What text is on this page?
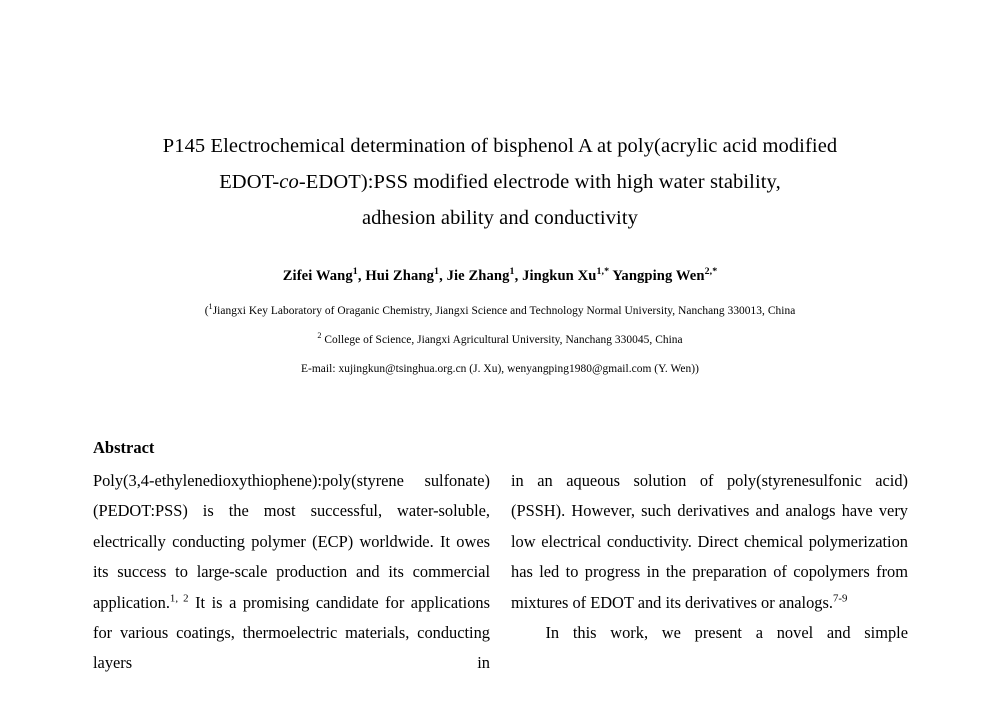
P145 Electrochemical determination of bisphenol A at poly(acrylic acid modified
EDOT-co-EDOT):PSS modified electrode with high water stability,
adhesion ability and conductivity
Zifei Wang$^1$, Hui Zhang$^1$, Jie Zhang$^1$, Jingkun $Xu^{1,*}$ Yangping Wen$^{2,*}$
($^1$Jiangxi Key Laboratory of Oraganic Chemistry, Jiangxi Science and Technology Normal University, Nanchang 330013, China
$^2$ College of Science, Jiangxi Agricultural University, Nanchang 330045, China
E-mail: xujingkun@tsinghua.org.cn (J. Xu), wenyangping1980@gmail.com (Y. Wen))
Abstract

Poly(3,4-ethylenedioxythiophene):poly(styrene sulfonate) (PEDOT:PSS) is the most successful, water-soluble, electrically conducting polymer (ECP) worldwide. It owes its success to large-scale production and its commercial application.$^{1, 2}$ It is a promising candidate for applications for various coatings, thermoelectric materials, conducting layers in

in an aqueous solution of poly(styrenesulfonic acid) (PSSH). However, such derivatives and analogs have very low electrical conductivity. Direct chemical polymerization has led to progress in the preparation of copolymers from mixtures of EDOT and its derivatives or analogs.$^{7-9}$

In this work, we present a novel and simple
